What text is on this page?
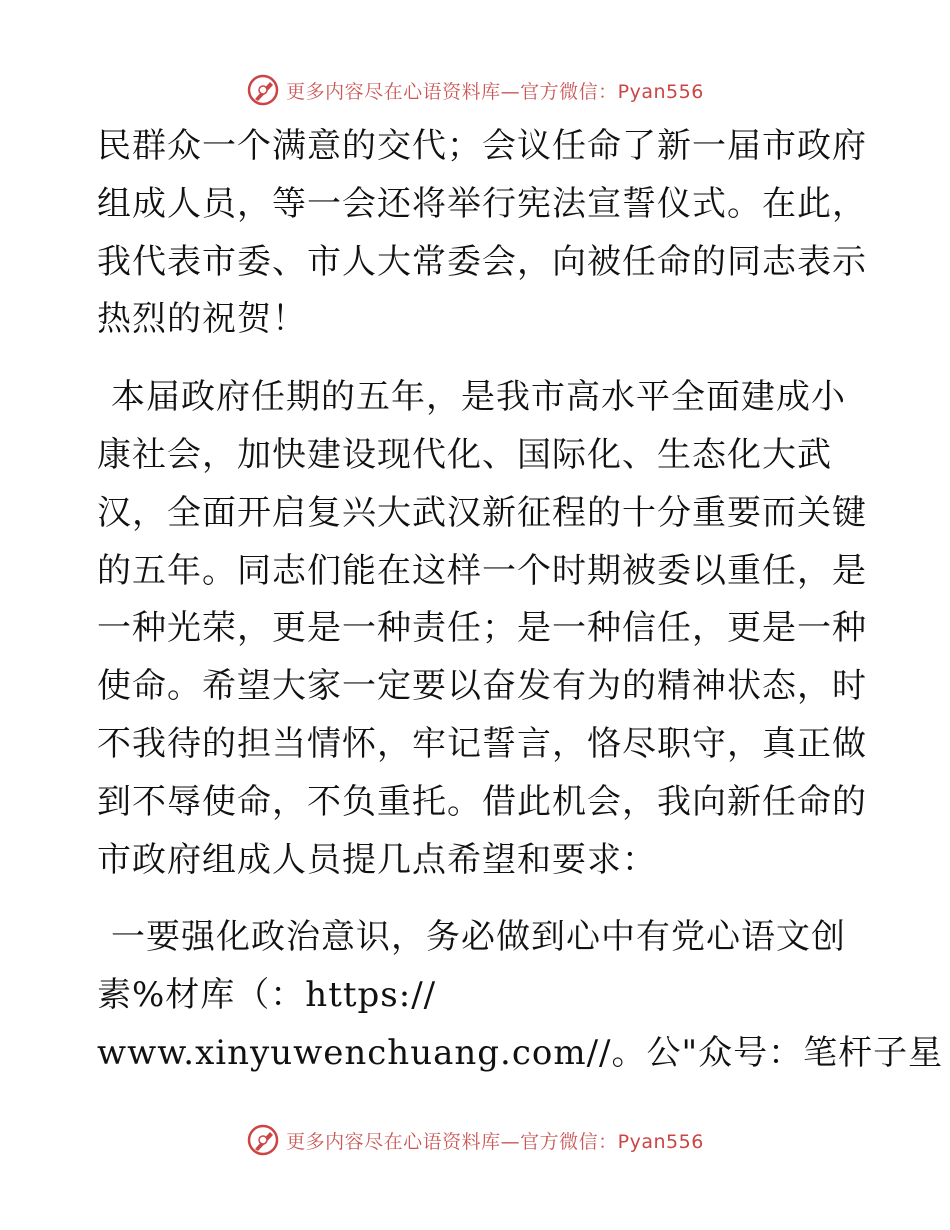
更多内容尽在心语资料库—官方微信：Pyan556
民群众一个满意的交代；会议任命了新一届市政府
组成人员，等一会还将举行宪法宣誓仪式。在此，
我代表市委、市人大常委会，向被任命的同志表示
热烈的祝贺！
本届政府任期的五年，是我市高水平全面建成小
康社会，加快建设现代化、国际化、生态化大武
汉，全面开启复兴大武汉新征程的十分重要而关键
的五年。同志们能在这样一个时期被委以重任，是
一种光荣，更是一种责任；是一种信任，更是一种
使命。希望大家一定要以奋发有为的精神状态，时
不我待的担当情怀，牢记誓言，恪尽职守，真正做
到不辱使命，不负重托。借此机会，我向新任命的
市政府组成人员提几点希望和要求：
一要强化政治意识，务必做到心中有党心语文创
素%材库（：https://
www.xinyuwenchuang.com//。公"众号：笔杆子星
更多内容尽在心语资料库—官方微信：Pyan556
